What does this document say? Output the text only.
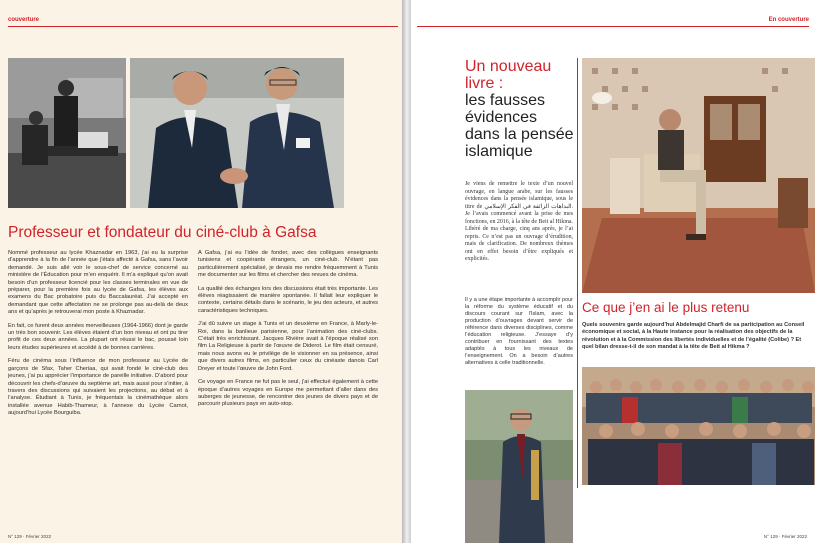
couverture
Professeur et fondateur du ciné-club à Gafsa

Nommé professeur au lycée Khaznadar en 1963, j’ai eu la surprise d’apprendre à la fin de l’année que j’étais affecté à Gafsa, sans l’avoir demandé. Je suis allé voir le sous-chef de service concerné au ministère de l’Éducation pour m’en enquérir. Il m’a expliqué qu’on avait besoin d’un professeur licencié pour les classes terminales en vue de préparer, pour la première fois au lycée de Gafsa, les élèves aux examens du Bac probatoire puis du Baccalauréat. J’ai accepté en demandant que cette affectation ne se prolonge pas au-delà de deux ans et qu’après je retrouverai mon poste à Khaznadar.

En fait, ce furent deux années merveilleuses (1964-1966) dont je garde un très bon souvenir. Les élèves étaient d’un bon niveau et ont pu tirer profit de ces deux années. La plupart ont réussi le bac, poussé loin leurs études supérieures et accédé à de bonnes carrières.

Féru de cinéma sous l’influence de mon professeur au Lycée de garçons de Sfax, Taher Cheriaa, qui avait fondé le ciné-club des jeunes, j’ai pu apprécier l’importance de pareille initiative. D’abord pour découvrir les chefs-d’œuvre du septième art, mais aussi pour s’initier, à travers des discussions qui suivaient les projections, au débat et à l’analyse. Étudiant à Tunis, je fréquentais la cinémathèque alors installée avenue Habib-Thameur, à l’annexe du Lycée Carnot, aujourd’hui Lycée Bourguiba.

A Gafsa, j’ai eu l’idée de fonder, avec des collègues enseignants tunisiens et coopérants étrangers, un ciné-club. N’étant pas particulièrement spécialisé, je devais me rendre fréquemment à Tunis me documenter sur les films et chercher des revues de cinéma.

La qualité des échanges lors des discussions était très importante. Les élèves réagissaient de manière spontanée. Il fallait leur expliquer le contexte, certains détails dans le scénario, le jeu des acteurs, et autres caractéristiques techniques.

J’ai dû suivre un stage à Tunis et un deuxième en France, à Marly-le-Roi, dans la banlieue parisienne, pour l’animation des ciné-clubs. C’était très enrichissant. Jacques Rivière avait à l’époque réalisé son film La Religieuse à partir de l’œuvre de Diderot. Le film était censuré, mais nous avons eu le privilège de le visionner en sa présence, ainsi que divers autres films, en particulier ceux du cinéaste danois Carl Dreyer et toute l’œuvre de John Ford.

Ce voyage en France ne fut pas le seul, j’ai effectué également à cette époque d’autres voyages en Europe me permettant d’aller dans des auberges de jeunesse, de rencontrer des jeunes de divers pays et de parcourir plusieurs pays en auto-stop.

N° 129 · Février 2022
En couverture
Un nouveau livre :
les fausses évidences dans la pensée islamique
Je viens de remettre le texte d’un nouvel ouvrage, en langue arabe, sur les fausses évidences dans la pensée islamique, sous le titre de البداهات الزائفة في الفكر الإسلامي. Je l’avais commencé avant la prise de mes fonctions, en 2016, à la tête de Beit al Hikma. Libéré de ma charge, cinq ans après, je l’ai repris. Ce n’est pas un ouvrage d’érudition, mais de clarification. De nombreux thèmes ont en effet besoin d’être expliqués et explicités.
Il y a une étape importante à accomplir pour la réforme du système éducatif et du discours courant sur l’Islam, avec la production d’ouvrages devant servir de référence dans diverses disciplines, comme l’éducation religieuse. J’essaye d’y contribuer en fournissant des textes adaptés à tous les niveaux de l’enseignement. On a besoin d’autres alternatives à celle traditionnelle.
Ce que j’en ai le plus retenu
Quels souvenirs garde aujourd’hui Abdelmajid Charfi de sa participation au Conseil économique et social, à la Haute instance pour la réalisation des objectifs de la révolution et à la Commission des libertés individuelles et de l’égalité (Colibe) ? Et quel bilan dresse-t-il de son mandat à la tête de Beit al Hikma ?
N° 129 · Février 2022
